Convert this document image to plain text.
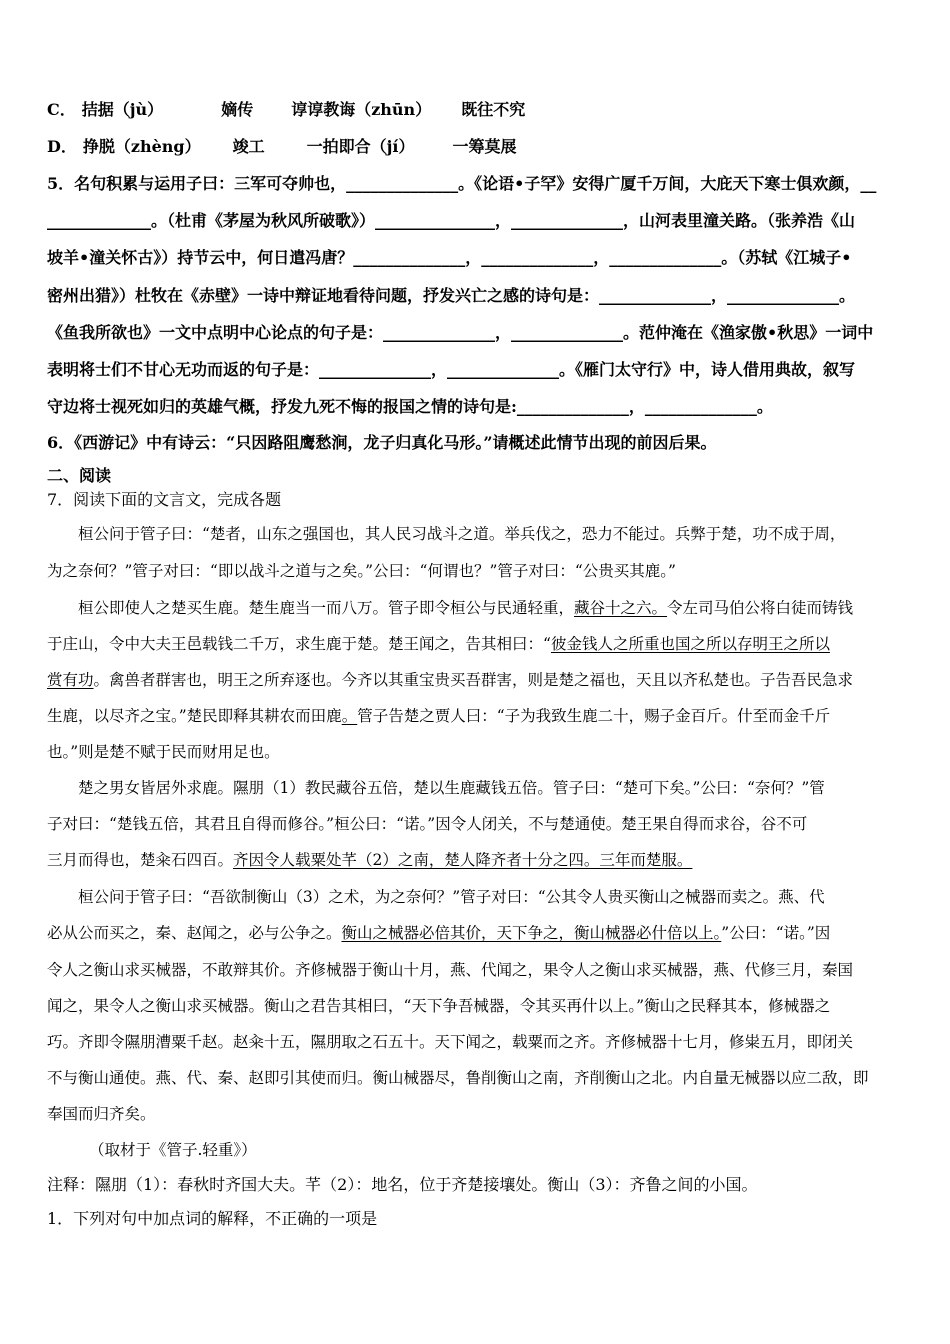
C． 拮据（jù）	嫡传 谆谆教诲（zhūn） 既往不究
D． 挣脱（zhèng） 竣工	一拍即合（jí） 一筹莫展
5．名句积累与运用子曰：三军可夺帅也，______________。《论语•子罕》安得广厦千万间，大庇天下寒士俱欢颜，__
_____________。（杜甫《茅屋为秋风所破歌》）_______________，______________，山河表里潼关路。（张养浩《山
坡羊•潼关怀古》）持节云中，何日遣冯唐？______________，______________，______________。（苏轼《江城子•
密州出猎》）杜牧在《赤壁》一诗中辩证地看待问题，抒发兴亡之感的诗句是：______________，______________。
《鱼我所欲也》一文中点明中心论点的句子是：______________，______________。范仲淹在《渔家傲•秋思》一词中
表明将士们不甘心无功而返的句子是：______________，______________。《雁门太守行》中，诗人借用典故，叙写
守边将士视死如归的英雄气概，抒发九死不悔的报国之情的诗句是:______________，______________。
6．《西游记》中有诗云：“只因路阻鹰愁涧，龙子归真化马形。”请概述此情节出现的前因后果。
二、阅读
7．阅读下面的文言文，完成各题
桓公问于管子曰：“楚者，山东之强国也，其人民习战斗之道。举兵伐之，恐力不能过。兵弊于楚，功不成于周，
为之奈何？”管子对曰：“即以战斗之道与之矣。”公曰：“何谓也？”管子对曰：“公贵买其鹿。”
桓公即使人之楚买生鹿。楚生鹿当一而八万。管子即令桓公与民通轻重，藏谷十之六。令左司马伯公将白徒而铸钱
于庄山，令中大夫王邑载钱二千万，求生鹿于楚。楚王闻之，告其相曰：“彼金钱人之所重也国之所以存明王之所以
赏有功。禽兽者群害也，明王之所弃逐也。今齐以其重宝贵买吾群害，则是楚之福也，天且以齐私楚也。子告吾民急求
生鹿，以尽齐之宝。”楚民即释其耕农而田鹿。管子告楚之贾人曰：“子为我致生鹿二十，赐子金百斤。什至而金千斤
也。”则是楚不赋于民而财用足也。
楚之男女皆居外求鹿。隰朋（1）教民藏谷五倍，楚以生鹿藏钱五倍。管子曰：“楚可下矣。”公曰：“奈何？”管
子对曰：“楚钱五倍，其君且自得而修谷。”桓公曰：“诺。”因令人闭关，不与楚通使。楚王果自得而求谷，谷不可
三月而得也，楚籴石四百。齐因令人载粟处芊（2）之南，楚人降齐者十分之四。三年而楚服。
桓公问于管子曰：“吾欲制衡山（3）之术，为之奈何？”管子对曰：“公其令人贵买衡山之械器而卖之。燕、代
必从公而买之，秦、赵闻之，必与公争之。衡山之械器必倍其价，天下争之，衡山械器必什倍以上。”公曰：“诺。”因
令人之衡山求买械器，不敢辩其价。齐修械器于衡山十月，燕、代闻之，果令人之衡山求买械器，燕、代修三月，秦国
闻之，果令人之衡山求买械器。衡山之君告其相曰，“天下争吾械器，令其买再什以上。”衡山之民释其本，修械器之
巧。齐即令隰朋漕粟千赵。赵籴十五，隰朋取之石五十。天下闻之，载粟而之齐。齐修械器十七月，修粜五月，即闭关
不与衡山通使。燕、代、秦、赵即引其使而归。衡山械器尽，鲁削衡山之南，齐削衡山之北。内自量无械器以应二敌，即
奉国而归齐矣。
（取材于《管子.轻重》）
注释：隰朋（1）：春秋时齐国大夫。芊（2）：地名，位于齐楚接壤处。衡山（3）：齐鲁之间的小国。
1．下列对句中加点词的解释，不正确的一项是
